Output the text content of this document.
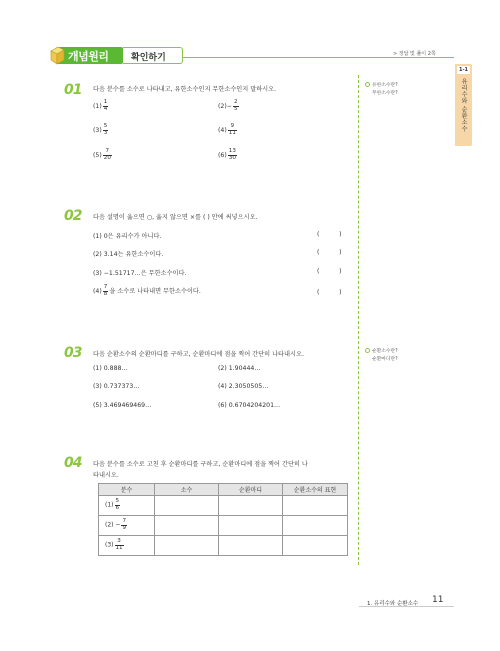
개념원리 확인하기	> 정답 및 풀이 2쪽
1-1
유리수와 순환소수
유한소수란?
무한소수란?
순환소수란?
순환마디란?
01 다음 분수를 소수로 나타내고, 유한소수인지 무한소수인지 말하시오.
$(1) \frac{1}{4}$	$(2)- \frac{2}{5}$
$(3) \frac{5}{3}$	$(4) \frac{9}{11}$
$(5) \frac{7}{20}$	$(6) \frac{13}{30}$
02 다음 설명이 옳으면 ○, 옳지 않으면 ×를 ( ) 안에 써넣으시오.
(1) 0은 유리수가 아니다.	(          )
(2) 3.14는 유한소수이다.	(          )
(3) −1.51717…은 무한소수이다.	(          )
$(4) \frac{7}{8}$ 을 소수로 나타내면 무한소수이다.	(          )
03 다음 순환소수의 순환마디를 구하고, 순환마디에 점을 찍어 간단히 나타내시오.
(1) 0.888…	(2) 1.90444…
(3) 0.737373…	(4) 2.3050505…
(5) 3.469469469…	(6) 0.6704204201…
04 다음 분수를 소수로 고친 후 순환마디를 구하고, 순환마디에 점을 찍어 간단히 나
타내시오.
분수	소수	순환마디	순환소수의 표현
$(1) \frac{5}{6}$

$(2) - \frac{7}{9}$

$(3) \frac{3}{11}$

1. 유리수와 순환소수 11
